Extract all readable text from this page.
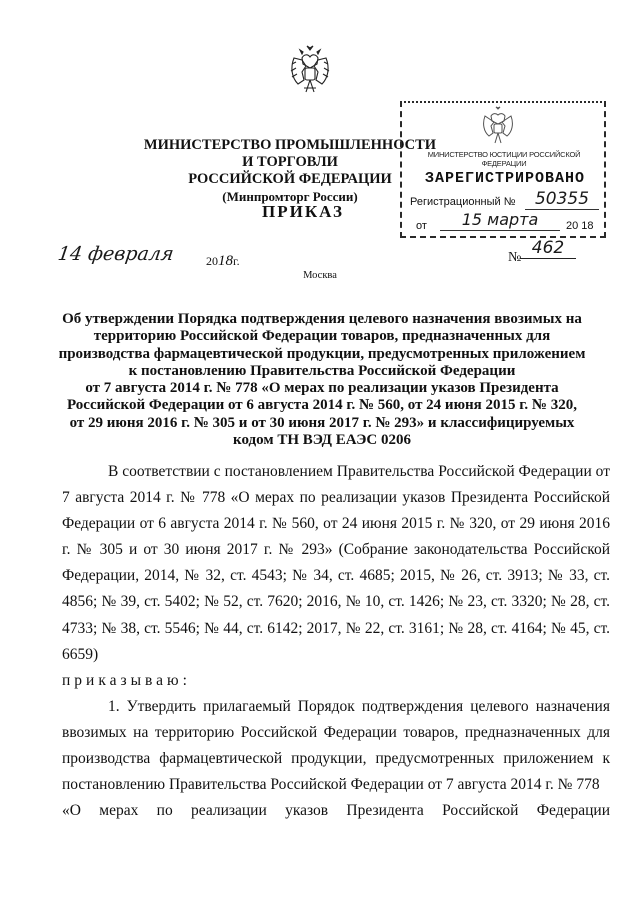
МИНИСТЕРСТВО ПРОМЫШЛЕННОСТИ И ТОРГОВЛИ
РОССИЙСКОЙ ФЕДЕРАЦИИ
(Минпромторг России)
ПРИКАЗ
МИНИСТЕРСТВО ЮСТИЦИИ РОССИЙСКОЙ ФЕДЕРАЦИИ
ЗАРЕГИСТРИРОВАНО
Регистрационный №	50355
от	15 марта	20 18
14 февраля	2018г.	№ 462
Москва
Об утверждении Порядка подтверждения целевого назначения ввозимых на
территорию Российской Федерации товаров, предназначенных для
производства фармацевтической продукции, предусмотренных приложением
к постановлению Правительства Российской Федерации
от 7 августа 2014 г. № 778 «О мерах по реализации указов Президента
Российской Федерации от 6 августа 2014 г. № 560, от 24 июня 2015 г. № 320,
от 29 июня 2016 г. № 305 и от 30 июня 2017 г. № 293» и классифицируемых
кодом ТН ВЭД ЕАЭС 0206

В соответствии с постановлением Правительства Российской Федерации от 7 августа 2014 г. № 778 «О мерах по реализации указов Президента Российской Федерации от 6 августа 2014 г. № 560, от 24 июня 2015 г. № 320, от 29 июня 2016 г. № 305 и от 30 июня 2017 г. № 293» (Собрание законодательства Российской Федерации, 2014, № 32, ст. 4543; № 34, ст. 4685; 2015, № 26, ст. 3913; № 33, ст. 4856; № 39, ст. 5402; № 52, ст. 7620; 2016, № 10, ст. 1426; № 23, ст. 3320; № 28, ст. 4733; № 38, ст. 5546; № 44, ст. 6142; 2017, № 22, ст. 3161; № 28, ст. 4164; № 45, ст. 6659)

приказываю:

1. Утвердить прилагаемый Порядок подтверждения целевого назначения ввозимых на территорию Российской Федерации товаров, предназначенных для производства фармацевтической продукции, предусмотренных приложением к постановлению Правительства Российской Федерации от 7 августа 2014 г. № 778

«О мерах по реализации указов Президента Российской Федерации
